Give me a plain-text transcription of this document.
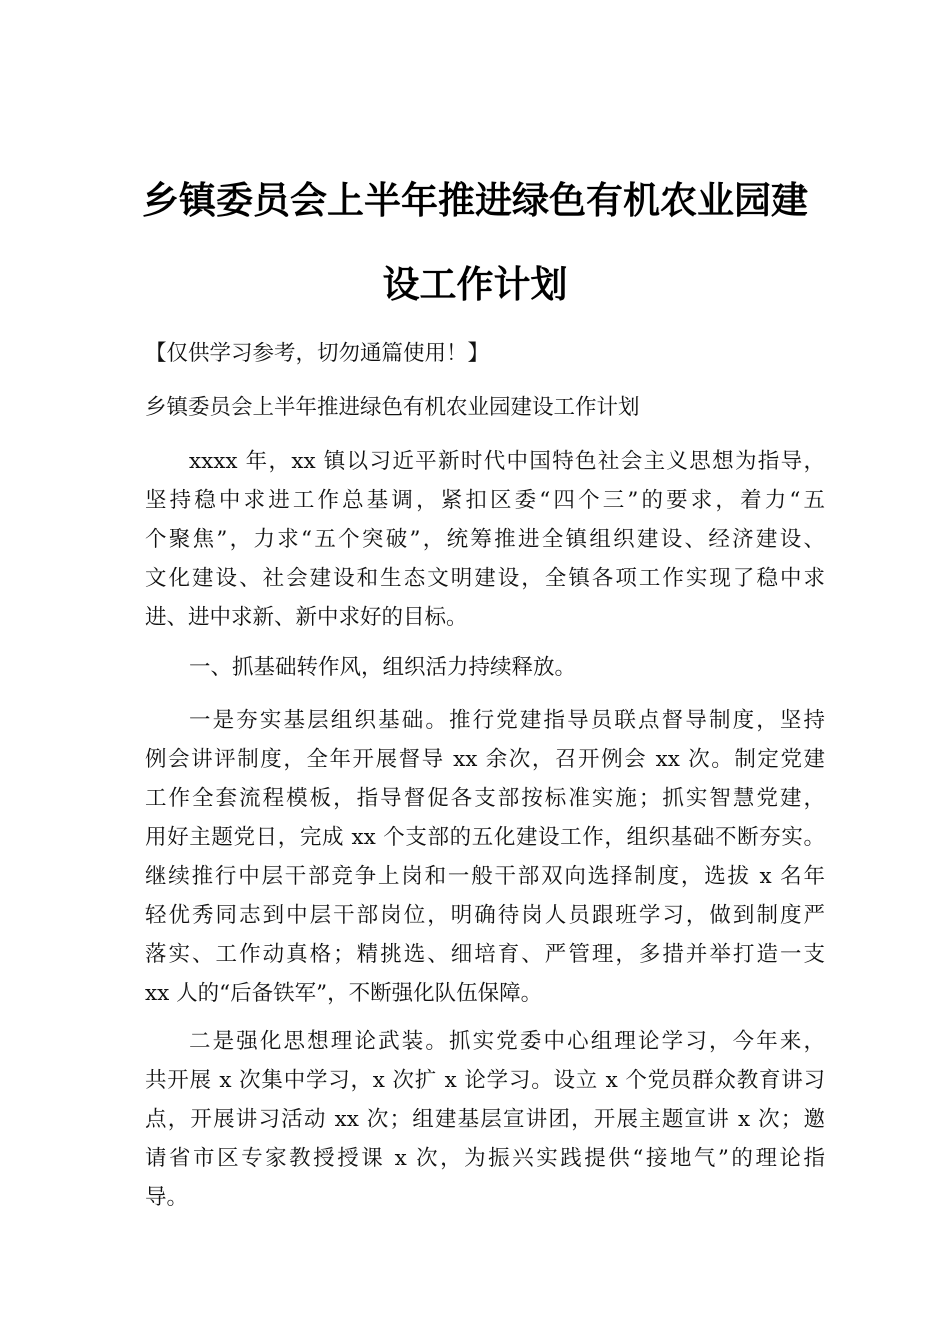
乡镇委员会上半年推进绿色有机农业园建
设工作计划

【仅供学习参考，切勿通篇使用！】

乡镇委员会上半年推进绿色有机农业园建设工作计划

xxxx 年，xx 镇以习近平新时代中国特色社会主义思想为指导，
坚持稳中求进工作总基调，紧扣区委“四个三”的要求，着力“五
个聚焦”，力求“五个突破”，统筹推进全镇组织建设、经济建设、
文化建设、社会建设和生态文明建设，全镇各项工作实现了稳中求
进、进中求新、新中求好的目标。

一、抓基础转作风，组织活力持续释放。

一是夯实基层组织基础。推行党建指导员联点督导制度，坚持
例会讲评制度，全年开展督导 xx 余次，召开例会 xx 次。制定党建
工作全套流程模板，指导督促各支部按标准实施；抓实智慧党建，
用好主题党日，完成 xx 个支部的五化建设工作，组织基础不断夯实。
继续推行中层干部竞争上岗和一般干部双向选择制度，选拔 x 名年
轻优秀同志到中层干部岗位，明确待岗人员跟班学习，做到制度严
落实、工作动真格；精挑选、细培育、严管理，多措并举打造一支
xx 人的“后备铁军”，不断强化队伍保障。

二是强化思想理论武装。抓实党委中心组理论学习，今年来，
共开展 x 次集中学习，x 次扩 x 论学习。设立 x 个党员群众教育讲习
点，开展讲习活动 xx 次；组建基层宣讲团，开展主题宣讲 x 次；邀
请省市区专家教授授课 x 次，为振兴实践提供“接地气”的理论指
导。
